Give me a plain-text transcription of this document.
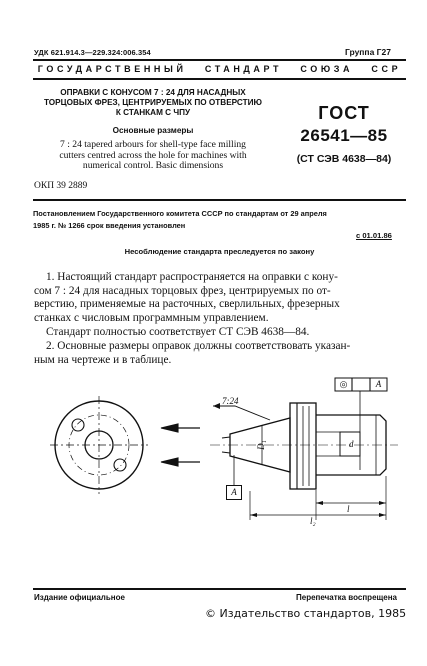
УДК 621.914.3—229.324:006.354	Группа Г27
ГОСУДАРСТВЕННЫЙ   СТАНДАРТ   СОЮЗА   ССР
ОПРАВКИ С КОНУСОМ 7 : 24 ДЛЯ НАСАДНЫХ
ТОРЦОВЫХ ФРЕЗ, ЦЕНТРИРУЕМЫХ ПО ОТВЕРСТИЮ
К СТАНКАМ С ЧПУ
Основные размеры
7 : 24 tapered arbours for shell-type face milling
cutters centred across the hole for machines with
numerical control. Basic dimensions
ОКП 39 2889
ГОСТ
26541—85
(СТ СЭВ 4638—84)
Постановлением Государственного комитета СССР по стандартам от 29 апреля
1985 г. № 1266 срок введения установлен
с 01.01.86
Несоблюдение стандарта преследуется по закону
1. Настоящий стандарт распространяется на оправки с кону-
сом 7 : 24 для насадных торцовых фрез, центрируемых по от-
верстию, применяемые на расточных, сверлильных, фрезерных
станках с числовым программным управлением.
Стандарт полностью соответствует СТ СЭВ 4638—84.
2. Основные размеры оправок должны соответствовать указан-
ным на чертеже и в таблице.
7:24
A
D₁	d
l₂
l
◎	A
Издание официальное	Перепечатка воспрещена
© Издательство стандартов, 1985
